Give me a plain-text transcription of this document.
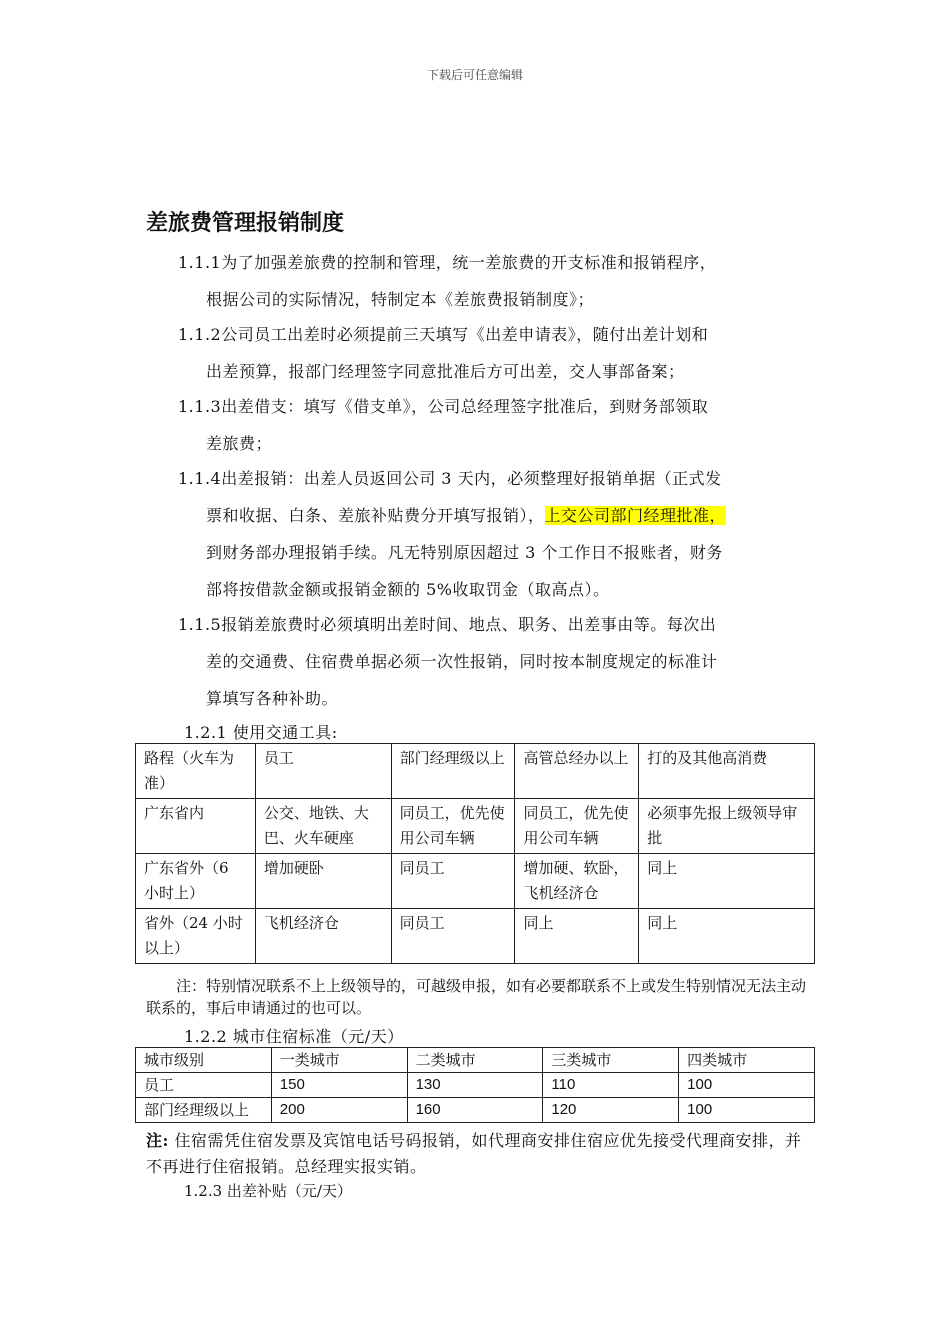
下载后可任意编辑
差旅费管理报销制度
1.1.1为了加强差旅费的控制和管理，统一差旅费的开支标准和报销程序，
根据公司的实际情况，特制定本《差旅费报销制度》；
1.1.2公司员工出差时必须提前三天填写《出差申请表》，随付出差计划和
出差预算，报部门经理签字同意批准后方可出差，交人事部备案；
1.1.3出差借支：填写《借支单》，公司总经理签字批准后，到财务部领取
差旅费；
1.1.4出差报销：出差人员返回公司 3 天内，必须整理好报销单据（正式发
票和收据、白条、差旅补贴费分开填写报销），上交公司部门经理批准，
到财务部办理报销手续。凡无特别原因超过 3 个工作日不报账者，财务
部将按借款金额或报销金额的 5%收取罚金（取高点）。
1.1.5报销差旅费时必须填明出差时间、地点、职务、出差事由等。每次出
差的交通费、住宿费单据必须一次性报销，同时按本制度规定的标准计
算填写各种补助。
1.2.1 使用交通工具:
路程（火车为准）	员工	部门经理级以上	高管总经办以上	打的及其他高消费
广东省内	公交、地铁、大巴、火车硬座	同员工，优先使用公司车辆	同员工，优先使用公司车辆	必须事先报上级领导审批
广东省外（6 小时上）	增加硬卧	同员工	增加硬、软卧，飞机经济仓	同上
省外（24 小时以上）	飞机经济仓	同员工	同上	同上
注：特别情况联系不上上级领导的，可越级申报，如有必要都联系不上或发生特别情况无法主动联系的，事后申请通过的也可以。
1.2.2 城市住宿标准（元/天）
城市级别	一类城市	二类城市	三类城市	四类城市
员工	150	130	110	100
部门经理级以上	200	160	120	100
注: 住宿需凭住宿发票及宾馆电话号码报销，如代理商安排住宿应优先接受代理商安排，并不再进行住宿报销。总经理实报实销。
1.2.3 出差补贴（元/天）
